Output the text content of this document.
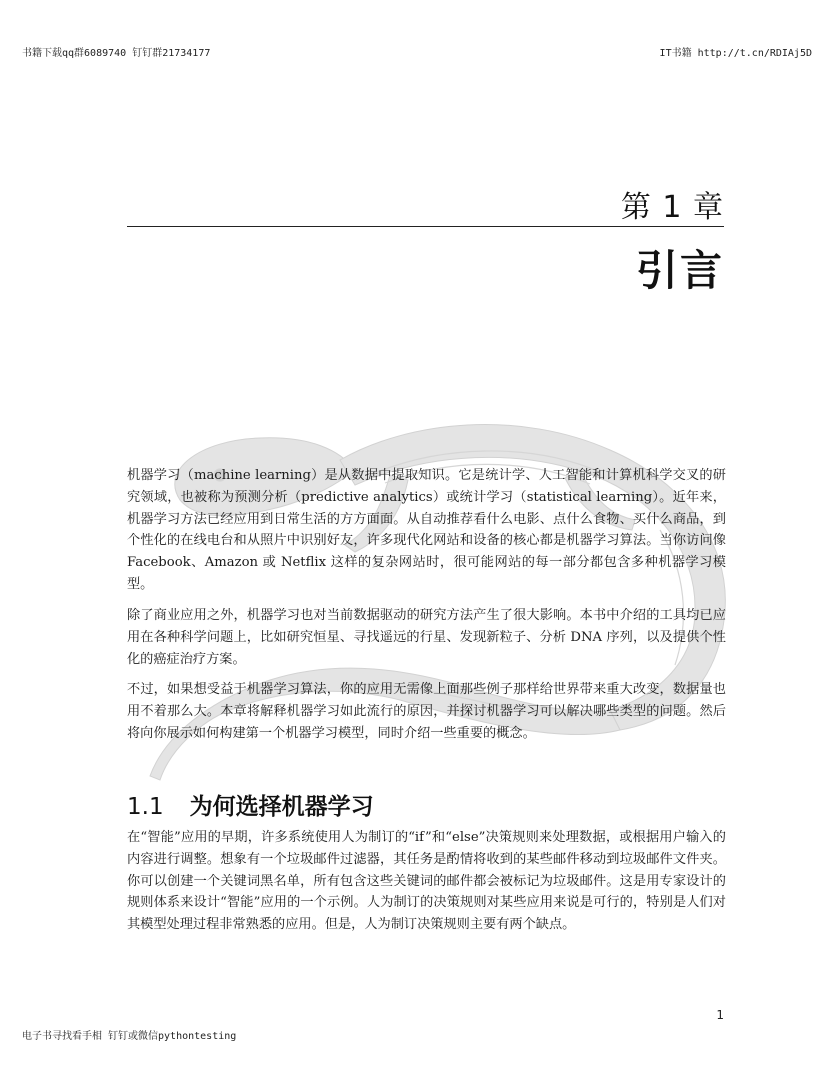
书籍下载qq群6089740 钉钉群21734177	IT书籍 http://t.cn/RDIAj5D
第 1 章
引言

机器学习（machine learning）是从数据中提取知识。它是统计学、人工智能和计算机科学交叉的研究领域，也被称为预测分析（predictive analytics）或统计学习（statistical learning）。近年来，机器学习方法已经应用到日常生活的方方面面。从自动推荐看什么电影、点什么食物、买什么商品，到个性化的在线电台和从照片中识别好友，许多现代化网站和设备的核心都是机器学习算法。当你访问像 Facebook、Amazon 或 Netflix 这样的复杂网站时，很可能网站的每一部分都包含多种机器学习模型。

除了商业应用之外，机器学习也对当前数据驱动的研究方法产生了很大影响。本书中介绍的工具均已应用在各种科学问题上，比如研究恒星、寻找遥远的行星、发现新粒子、分析 DNA 序列，以及提供个性化的癌症治疗方案。

不过，如果想受益于机器学习算法，你的应用无需像上面那些例子那样给世界带来重大改变，数据量也用不着那么大。本章将解释机器学习如此流行的原因，并探讨机器学习可以解决哪些类型的问题。然后将向你展示如何构建第一个机器学习模型，同时介绍一些重要的概念。

1.1 为何选择机器学习

在“智能”应用的早期，许多系统使用人为制订的“if”和“else”决策规则来处理数据，或根据用户输入的内容进行调整。想象有一个垃圾邮件过滤器，其任务是酌情将收到的某些邮件移动到垃圾邮件文件夹。你可以创建一个关键词黑名单，所有包含这些关键词的邮件都会被标记为垃圾邮件。这是用专家设计的规则体系来设计“智能”应用的一个示例。人为制订的决策规则对某些应用来说是可行的，特别是人们对其模型处理过程非常熟悉的应用。但是，人为制订决策规则主要有两个缺点。

1
电子书寻找看手相 钉钉或微信pythontesting
